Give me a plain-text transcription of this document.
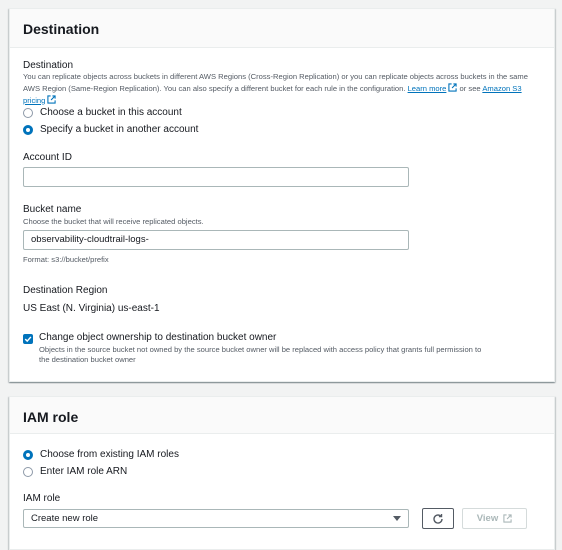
Destination
Destination
You can replicate objects across buckets in different AWS Regions (Cross-Region Replication) or you can replicate objects across buckets in the same AWS Region (Same-Region Replication). You can also specify a different bucket for each rule in the configuration. Learn more or see Amazon S3 pricing
Choose a bucket in this account
Specify a bucket in another account
Account ID
Bucket name
Choose the bucket that will receive replicated objects.
observability-cloudtrail-logs-
Format: s3://bucket/prefix
Destination Region
US East (N. Virginia) us-east-1
Change object ownership to destination bucket owner
Objects in the source bucket not owned by the source bucket owner will be replaced with access policy that grants full permission to
the destination bucket owner
IAM role
Choose from existing IAM roles
Enter IAM role ARN
IAM role
Create new role	View
